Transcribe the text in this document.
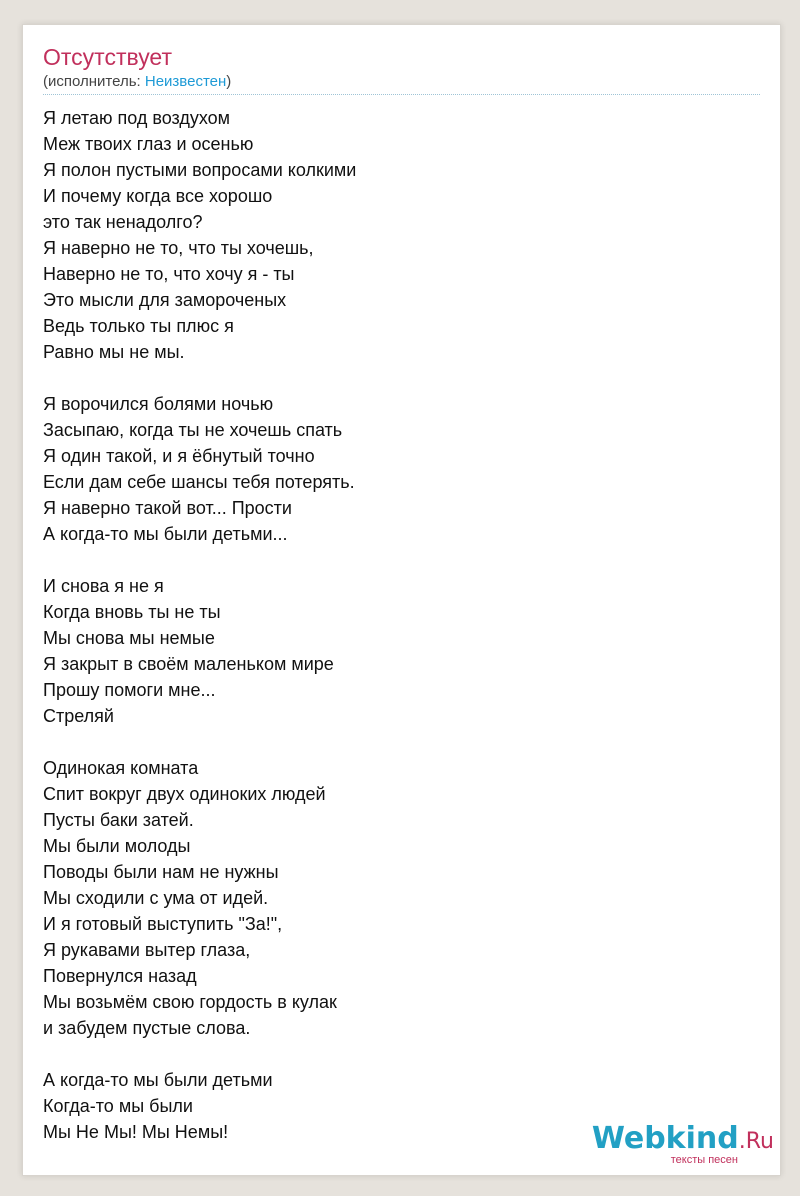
Отсутствует
(исполнитель: Неизвестен)
Я летаю под воздухом
Меж твоих глаз и осенью
Я полон пустыми вопросами колкими
И почему когда все хорошо
это так ненадолго?
Я наверно не то, что ты хочешь,
Наверно не то, что хочу я - ты
Это мысли для замороченых
Ведь только ты плюс я
Равно мы не мы.
Я ворочился болями ночью
Засыпаю, когда ты не хочешь спать
Я один такой, и я ёбнутый точно
Если дам себе шансы тебя потерять.
Я наверно такой вот... Прости
А когда-то мы были детьми...
И снова я не я
Когда вновь ты не ты
Мы снова мы немые
Я закрыт в своём маленьком мире
Прошу помоги мне...
Стреляй
Одинокая комната
Спит вокруг двух одиноких людей
Пусты баки затей.
Мы были молоды
Поводы были нам не нужны
Мы сходили с ума от идей.
И я готовый выступить "За!",
Я рукавами вытер глаза,
Повернулся назад
Мы возьмём свою гордость в кулак
и забудем пустые слова.
А когда-то мы были детьми
Когда-то мы были
Мы Не Мы! Мы Немы!	Webkind.Ru
тексты песен
